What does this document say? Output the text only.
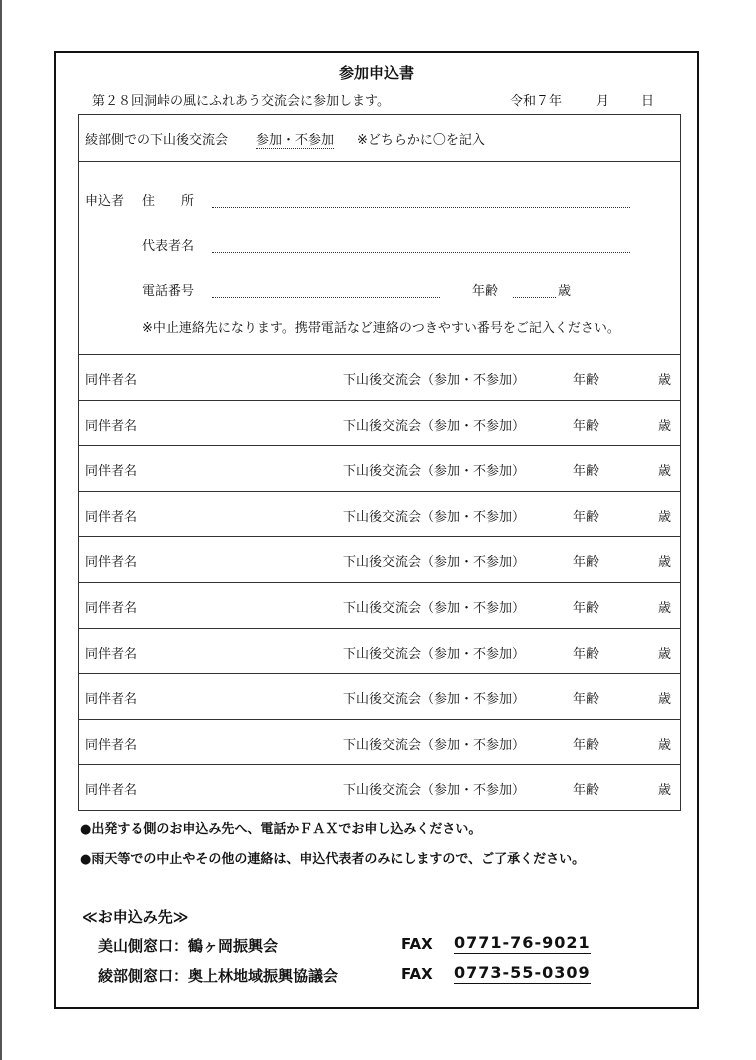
参加申込書
第２８回洞峠の風にふれあう交流会に参加します。	令和７年	月 日
綾部側での下山後交流会 参加・不参加 ※どちらかに〇を記入
申込者 住　　所
代表者名
電話番号	年齢	歳
※中止連絡先になります。携帯電話など連絡のつきやすい番号をご記入ください。
同伴者名	下山後交流会（参加・不参加）	年齢	歳

同伴者名	下山後交流会（参加・不参加）	年齢	歳

同伴者名	下山後交流会（参加・不参加）	年齢	歳

同伴者名	下山後交流会（参加・不参加）	年齢	歳

同伴者名	下山後交流会（参加・不参加）	年齢	歳

同伴者名	下山後交流会（参加・不参加）	年齢	歳

同伴者名	下山後交流会（参加・不参加）	年齢	歳

同伴者名	下山後交流会（参加・不参加）	年齢	歳

同伴者名	下山後交流会（参加・不参加）	年齢	歳

同伴者名	下山後交流会（参加・不参加）	年齢	歳
●出発する側のお申込み先へ、電話かＦＡＸでお申し込みください。
●雨天等での中止やその他の連絡は、申込代表者のみにしますので、ご了承ください。
≪お申込み先≫
美山側窓口：鶴ヶ岡振興会	FAX 0771-76-9021
綾部側窓口：奥上林地域振興協議会	FAX 0773-55-0309
